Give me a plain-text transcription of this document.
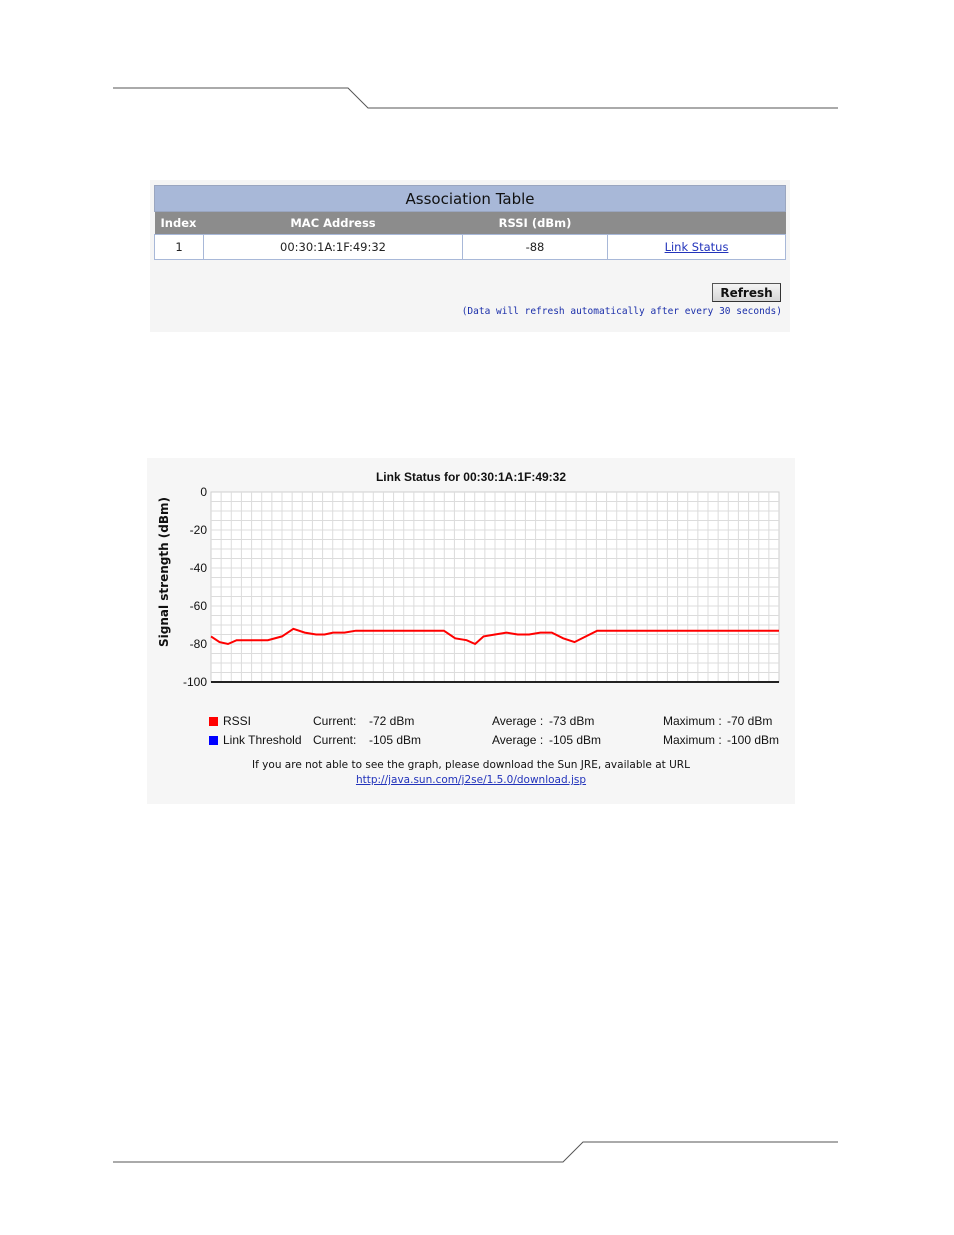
Association Table			
Index	MAC Address	RSSI (dBm)	
1	00:30:1A:1F:49:32	-88	Link Status
Refresh
(Data will refresh automatically after every 30 seconds)
Link Status for 00:30:1A:1F:49:32
Signal strength (dBm)
0
-20
-40
-60
-80
-100
RSSI	Current: -72 dBm	Average : -73 dBm	Maximum : -70 dBm
Link Threshold Current: -105 dBm	Average : -105 dBm	Maximum : -100 dBm
If you are not able to see the graph, please download the Sun JRE, available at URL
http://java.sun.com/j2se/1.5.0/download.jsp
